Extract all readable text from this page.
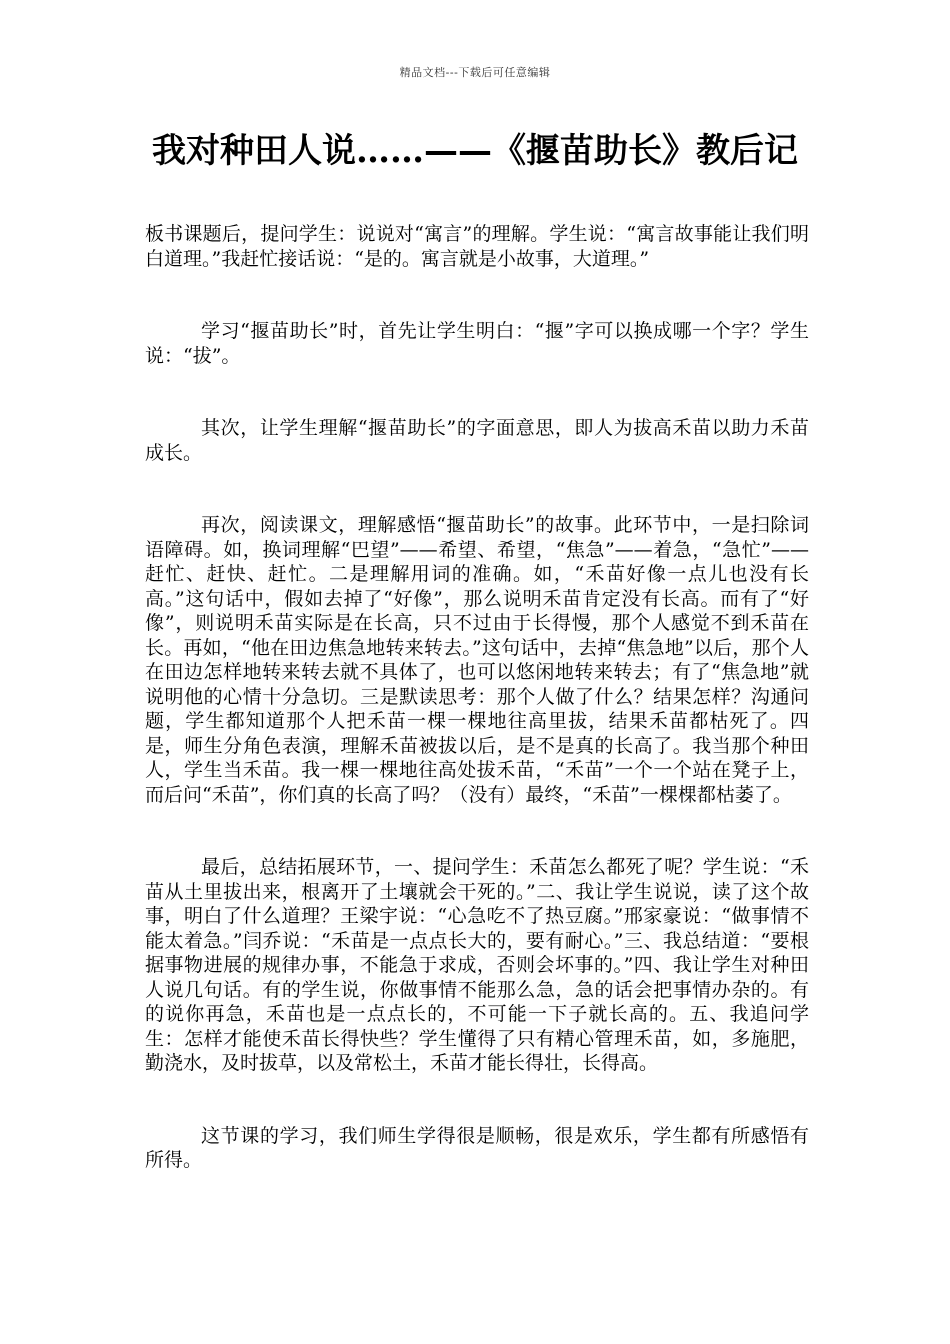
精品文档---下载后可任意编辑
我对种田人说……——《揠苗助长》教后记

板书课题后，提问学生：说说对“寓言”的理解。学生说：“寓言故事能让我们明白道理。”我赶忙接话说：“是的。寓言就是小故事，大道理。”

学习“揠苗助长”时，首先让学生明白：“揠”字可以换成哪一个字？学生说：“拔”。

其次，让学生理解“揠苗助长”的字面意思，即人为拔高禾苗以助力禾苗成长。

再次，阅读课文，理解感悟“揠苗助长”的故事。此环节中，一是扫除词语障碍。如，换词理解“巴望”——希望、希望，“焦急”——着急，“急忙”——赶忙、赶快、赶忙。二是理解用词的准确。如，“禾苗好像一点儿也没有长高。”这句话中，假如去掉了“好像”，那么说明禾苗肯定没有长高。而有了“好像”，则说明禾苗实际是在长高，只不过由于长得慢，那个人感觉不到禾苗在长。再如，“他在田边焦急地转来转去。”这句话中，去掉“焦急地”以后，那个人在田边怎样地转来转去就不具体了，也可以悠闲地转来转去；有了“焦急地”就说明他的心情十分急切。三是默读思考：那个人做了什么？结果怎样？沟通问题，学生都知道那个人把禾苗一棵一棵地往高里拔，结果禾苗都枯死了。四是，师生分角色表演，理解禾苗被拔以后，是不是真的长高了。我当那个种田人，学生当禾苗。我一棵一棵地往高处拔禾苗，“禾苗”一个一个站在凳子上，而后问“禾苗”，你们真的长高了吗？（没有）最终，“禾苗”一棵棵都枯萎了。

最后，总结拓展环节，一、提问学生：禾苗怎么都死了呢？学生说：“禾苗从土里拔出来，根离开了土壤就会干死的。”二、我让学生说说，读了这个故事，明白了什么道理？王梁宇说：“心急吃不了热豆腐。”邢家豪说：“做事情不能太着急。”闫乔说：“禾苗是一点点长大的，要有耐心。”三、我总结道：“要根据事物进展的规律办事，不能急于求成，否则会坏事的。”四、我让学生对种田人说几句话。有的学生说，你做事情不能那么急，急的话会把事情办杂的。有的说你再急，禾苗也是一点点长的，不可能一下子就长高的。五、我追问学生：怎样才能使禾苗长得快些？学生懂得了只有精心管理禾苗，如，多施肥，勤浇水，及时拔草，以及常松土，禾苗才能长得壮，长得高。

这节课的学习，我们师生学得很是顺畅，很是欢乐，学生都有所感悟有所得。
